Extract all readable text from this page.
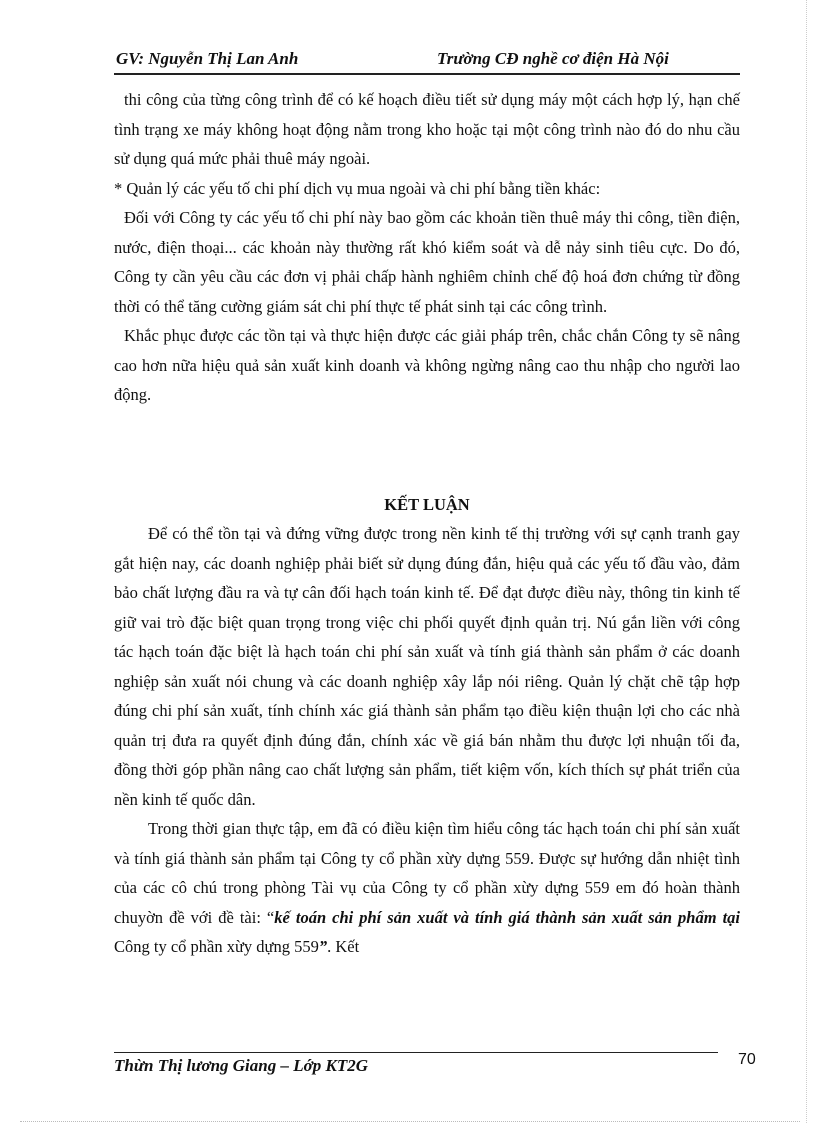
GV: Nguyễn Thị Lan Anh	Trường CĐ nghề cơ điện Hà Nội

thi công của từng công trình để có kế hoạch điều tiết sử dụng máy một cách hợp lý, hạn chế tình trạng xe máy không hoạt động nằm trong kho hoặc tại một công trình nào đó do nhu cầu sử dụng quá mức phải thuê máy ngoài.

* Quản lý các yếu tố chi phí dịch vụ mua ngoài và chi phí bằng tiền khác:

Đối với Công ty các yếu tố chi phí này bao gồm các khoản tiền thuê máy thi công, tiền điện, nước, điện thoại... các khoản này thường rất khó kiểm soát và dễ nảy sinh tiêu cực. Do đó, Công ty cần yêu cầu các đơn vị phải chấp hành nghiêm chỉnh chế độ hoá đơn chứng từ đồng thời có thể tăng cường giám sát chi phí thực tế phát sinh tại các công trình.

Khắc phục được các tồn tại và thực hiện được các giải pháp trên, chắc chắn Công ty sẽ nâng cao hơn nữa hiệu quả sản xuất kinh doanh và không ngừng nâng cao thu nhập cho người lao động.

KẾT LUẬN

Để có thể tồn tại và đứng vững được trong nền kinh tế thị trường với sự cạnh tranh gay gắt hiện nay, các doanh nghiệp phải biết sử dụng đúng đắn, hiệu quả các yếu tố đầu vào, đảm bảo chất lượng đầu ra và tự cân đối hạch toán kinh tế. Để đạt được điều này, thông tin kinh tế giữ vai trò đặc biệt quan trọng trong việc chi phối quyết định quản trị. Nú gắn liền với công tác hạch toán đặc biệt là hạch toán chi phí sản xuất và tính giá thành sản phẩm ở các doanh nghiệp sản xuất nói chung và các doanh nghiệp xây lắp nói riêng. Quản lý chặt chẽ tập hợp đúng chi phí sản xuất, tính chính xác giá thành sản phẩm tạo điều kiện thuận lợi cho các nhà quản trị đưa ra quyết định đúng đắn, chính xác về giá bán nhằm thu được lợi nhuận tối đa, đồng thời góp phần nâng cao chất lượng sản phẩm, tiết kiệm vốn, kích thích sự phát triển của nền kinh tế quốc dân.

Trong thời gian thực tập, em đã có điều kiện tìm hiểu công tác hạch toán chi phí sản xuất và tính giá thành sản phẩm tại Công ty cổ phần xừy dựng 559. Được sự hướng dẫn nhiệt tình của các cô chú trong phòng Tài vụ của Công ty cổ phần xừy dựng 559 em đó hoàn thành chuyờn đề với đề tài: “kế toán chi phí sản xuất và tính giá thành sản xuất sản phẩm tại Công ty cổ phần xừy dựng 559”. Kết

Thừn Thị lương Giang – Lớp KT2G	70
